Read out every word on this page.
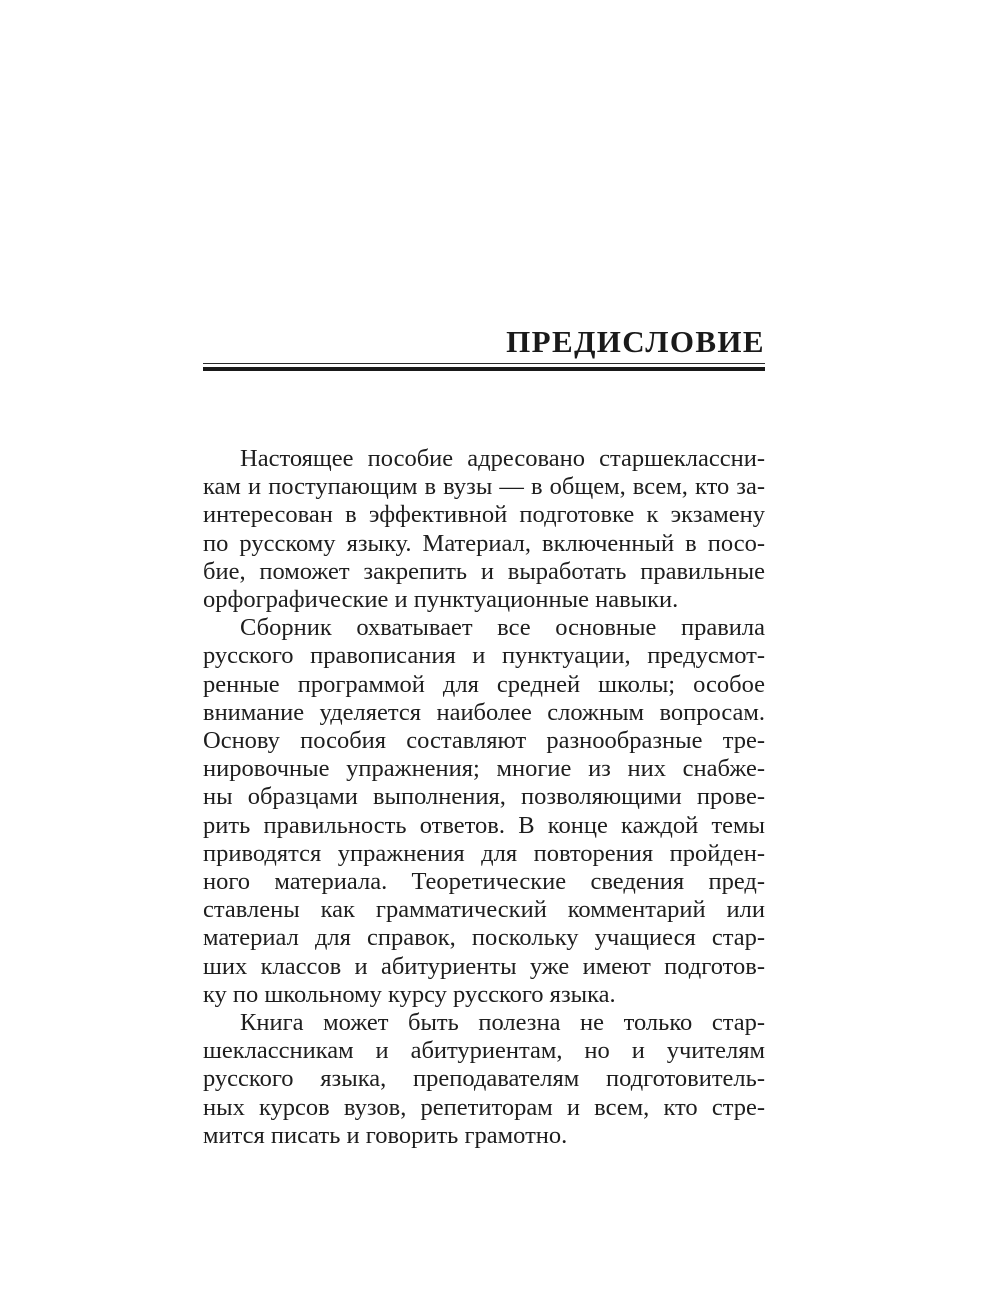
ПРЕДИСЛОВИЕ
Настоящее пособие адресовано старшеклассни-
кам и поступающим в вузы — в общем, всем, кто за-
интересован в эффективной подготовке к экзамену
по русскому языку. Материал, включенный в посо-
бие, поможет закрепить и выработать правильные
орфографические и пунктуационные навыки.
Сборник охватывает все основные правила
русского правописания и пунктуации, предусмот-
ренные программой для средней школы; особое
внимание уделяется наиболее сложным вопросам.
Основу пособия составляют разнообразные тре-
нировочные упражнения; многие из них снабже-
ны образцами выполнения, позволяющими прове-
рить правильность ответов. В конце каждой темы
приводятся упражнения для повторения пройден-
ного материала. Теоретические сведения пред-
ставлены как грамматический комментарий или
материал для справок, поскольку учащиеся стар-
ших классов и абитуриенты уже имеют подготов-
ку по школьному курсу русского языка.
Книга может быть полезна не только стар-
шеклассникам и абитуриентам, но и учителям
русского языка, преподавателям подготовитель-
ных курсов вузов, репетиторам и всем, кто стре-
мится писать и говорить грамотно.
